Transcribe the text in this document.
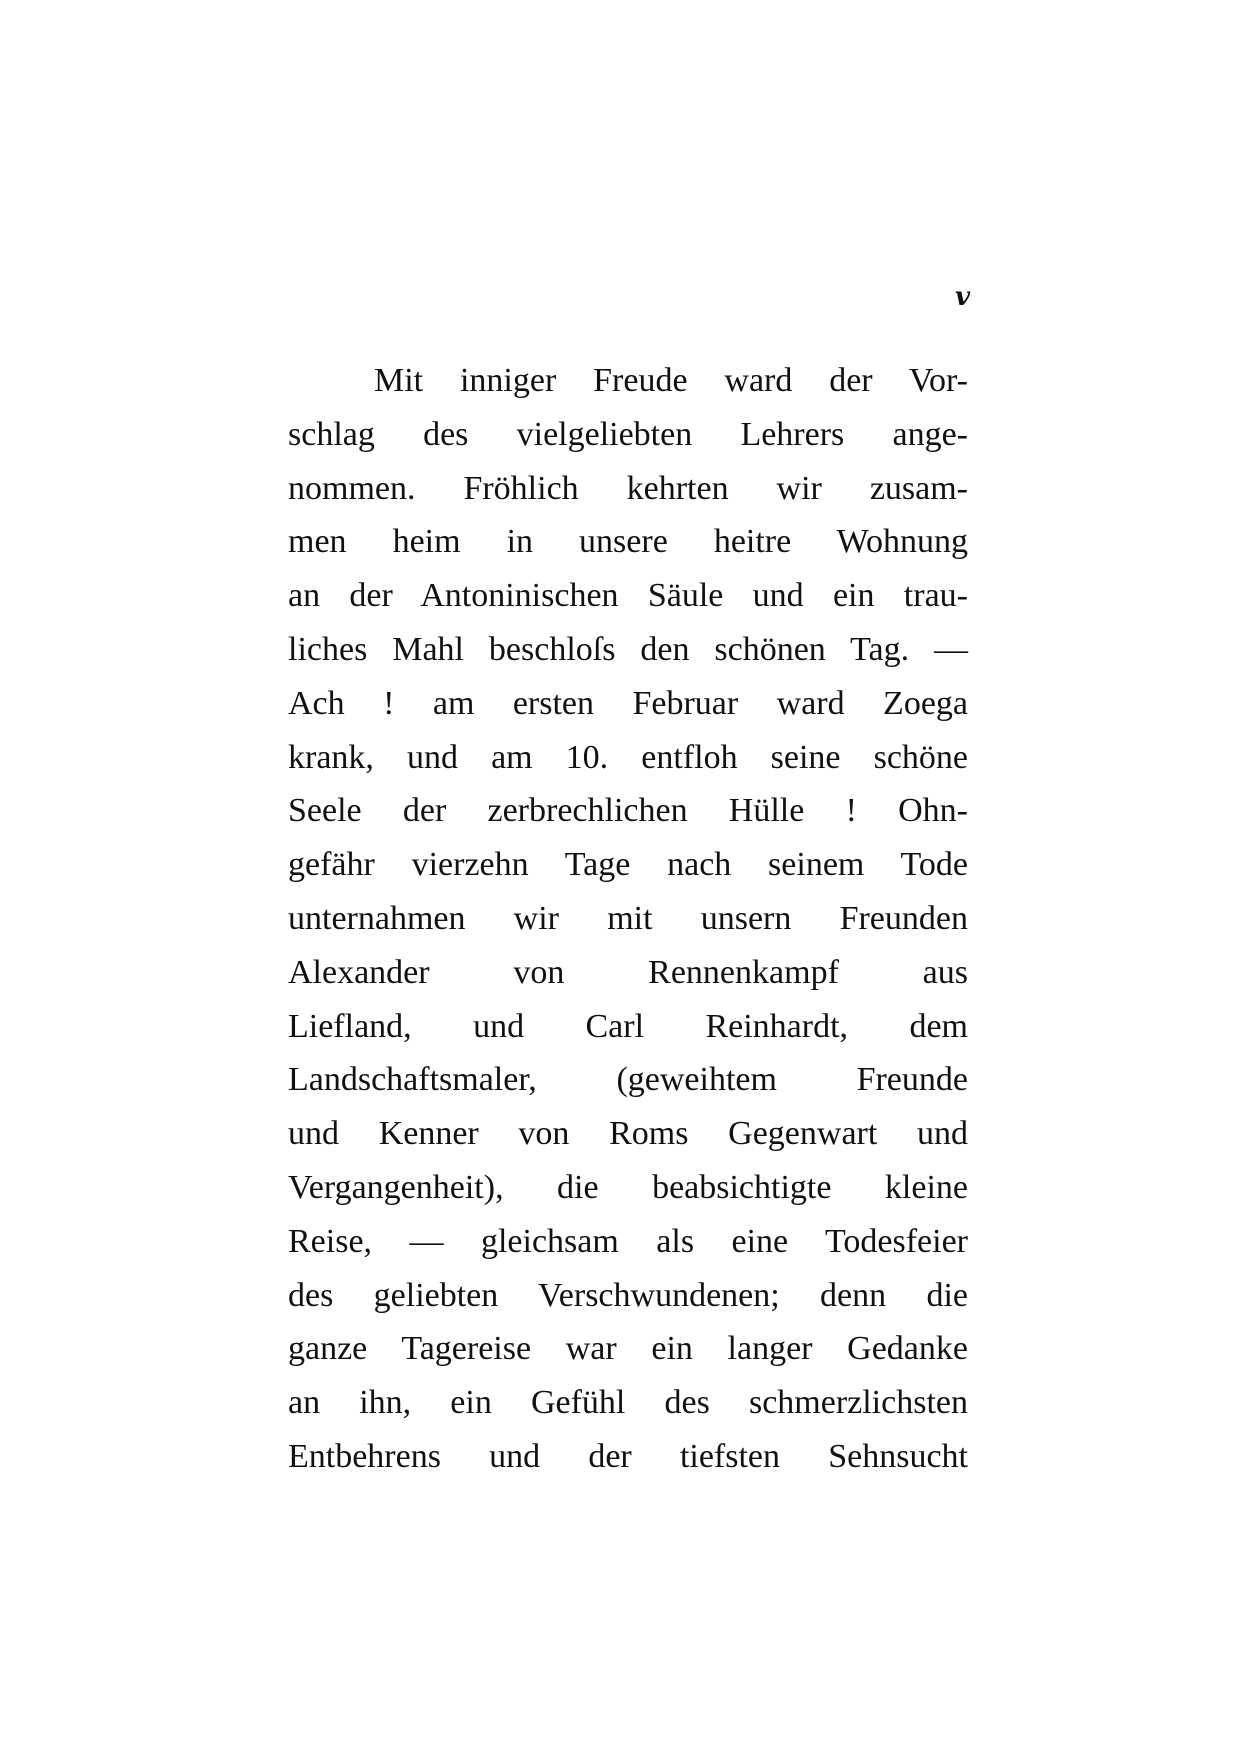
v
Mit inniger Freude ward der Vor-
schlag des vielgeliebten Lehrers ange-
nommen. Fröhlich kehrten wir zusam-
men heim in unsere heitre Wohnung
an der Antoninischen Säule und ein trau-
liches Mahl beschloſs den schönen Tag. —
Ach ! am ersten Februar ward Zoega
krank, und am 10. entfloh seine schöne
Seele der zerbrechlichen Hülle ! Ohn-
gefähr vierzehn Tage nach seinem Tode
unternahmen wir mit unsern Freunden
Alexander von Rennenkampf aus
Liefland, und Carl Reinhardt, dem
Landschaftsmaler, (geweihtem Freunde
und Kenner von Roms Gegenwart und
Vergangenheit), die beabsichtigte kleine
Reise, — gleichsam als eine Todesfeier
des geliebten Verschwundenen; denn die
ganze Tagereise war ein langer Gedanke
an ihn, ein Gefühl des schmerzlichsten
Entbehrens und der tiefsten Sehnsucht
